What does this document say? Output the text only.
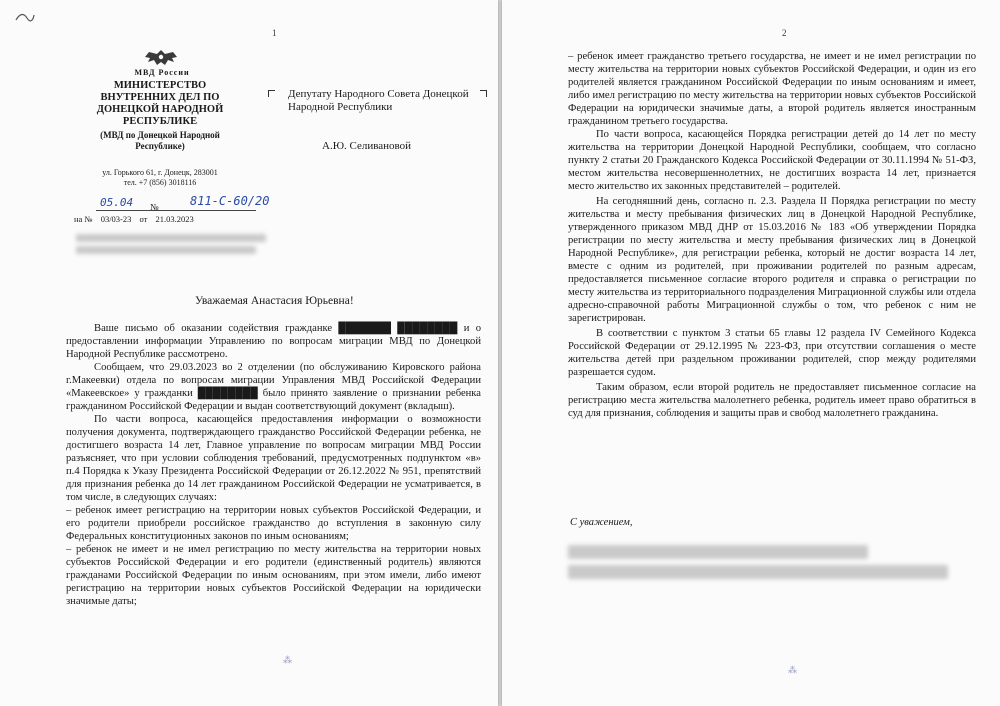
1
МВД России
МИНИСТЕРСТВО ВНУТРЕННИХ ДЕЛ ПО ДОНЕЦКОЙ НАРОДНОЙ РЕСПУБЛИКЕ
(МВД по Донецкой Народной Республике)
ул. Горького 61, г. Донецк, 283001
тел. +7 (856) 3018116
Депутату Народного Совета Донецкой Народной Республики
А.Ю. Селивановой
05.04 №	811-С-60/20
на № 03/03-23 от 21.03.2023
Уважаемая Анастасия Юрьевна!

Ваше письмо об оказании содействия гражданке ███████ ████████ и о предоставлении информации Управлению по вопросам миграции МВД по Донецкой Народной Республике рассмотрено.

Сообщаем, что 29.03.2023 во 2 отделении (по обслуживанию Кировского района г.Макеевки) отдела по вопросам миграции Управления МВД Российской Федерации «Макеевское» у гражданки ████████ было принято заявление о признании ребенка гражданином Российской Федерации и выдан соответствующий документ (вкладыш).

По части вопроса, касающейся предоставления информации о возможности получения документа, подтверждающего гражданство Российской Федерации ребенка, не достигшего возраста 14 лет, Главное управление по вопросам миграции МВД России разъясняет, что при условии соблюдения требований, предусмотренных подпунктом «в» п.4 Порядка к Указу Президента Российской Федерации от 26.12.2022 № 951, препятствий для признания ребенка до 14 лет гражданином Российской Федерации не усматривается, в том числе, в следующих случаях:

– ребенок имеет регистрацию на территории новых субъектов Российской Федерации, и его родители приобрели российское гражданство до вступления в законную силу Федеральных конституционных законов по иным основаниям;

– ребенок не имеет и не имел регистрацию по месту жительства на территории новых субъектов Российской Федерации и его родители (единственный родитель) являются гражданами Российской Федерации по иным основаниям, при этом имели, либо имеют регистрацию на территории новых субъектов Российской Федерации на юридически значимые даты;

⁂
2

– ребенок имеет гражданство третьего государства, не имеет и не имел регистрации по месту жительства на территории новых субъектов Российской Федерации, и один из его родителей является гражданином Российской Федерации по иным основаниям и имеет, либо имел регистрацию по месту жительства на территории новых субъектов Российской Федерации на юридически значимые даты, а второй родитель является иностранным гражданином третьего государства.

По части вопроса, касающейся Порядка регистрации детей до 14 лет по месту жительства на территории Донецкой Народной Республики, сообщаем, что согласно пункту 2 статьи 20 Гражданского Кодекса Российской Федерации от 30.11.1994 № 51-ФЗ, местом жительства несовершеннолетних, не достигших возраста 14 лет, признается место жительство их законных представителей – родителей.

На сегодняшний день, согласно п. 2.3. Раздела II Порядка регистрации по месту жительства и месту пребывания физических лиц в Донецкой Народной Республике, утвержденного приказом МВД ДНР от 15.03.2016 № 183 «Об утверждении Порядка регистрации по месту жительства и месту пребывания физических лиц в Донецкой Народной Республике», для регистрации ребенка, который не достиг возраста 14 лет, вместе с одним из родителей, при проживании родителей по разным адресам, предоставляется письменное согласие второго родителя и справка о регистрации по месту жительства из территориального подразделения Миграционной службы или отдела адресно-справочной работы Миграционной службы о том, что ребенок с ним не зарегистрирован.

В соответствии с пунктом 3 статьи 65 главы 12 раздела IV Семейного Кодекса Российской Федерации от 29.12.1995 № 223-ФЗ, при отсутствии соглашения о месте жительства детей при раздельном проживании родителей, спор между родителями разрешается судом.

Таким образом, если второй родитель не предоставляет письменное согласие на регистрацию места жительства малолетнего ребенка, родитель имеет право обратиться в суд для признания, соблюдения и защиты прав и свобод малолетнего гражданина.

С уважением,
⁂
